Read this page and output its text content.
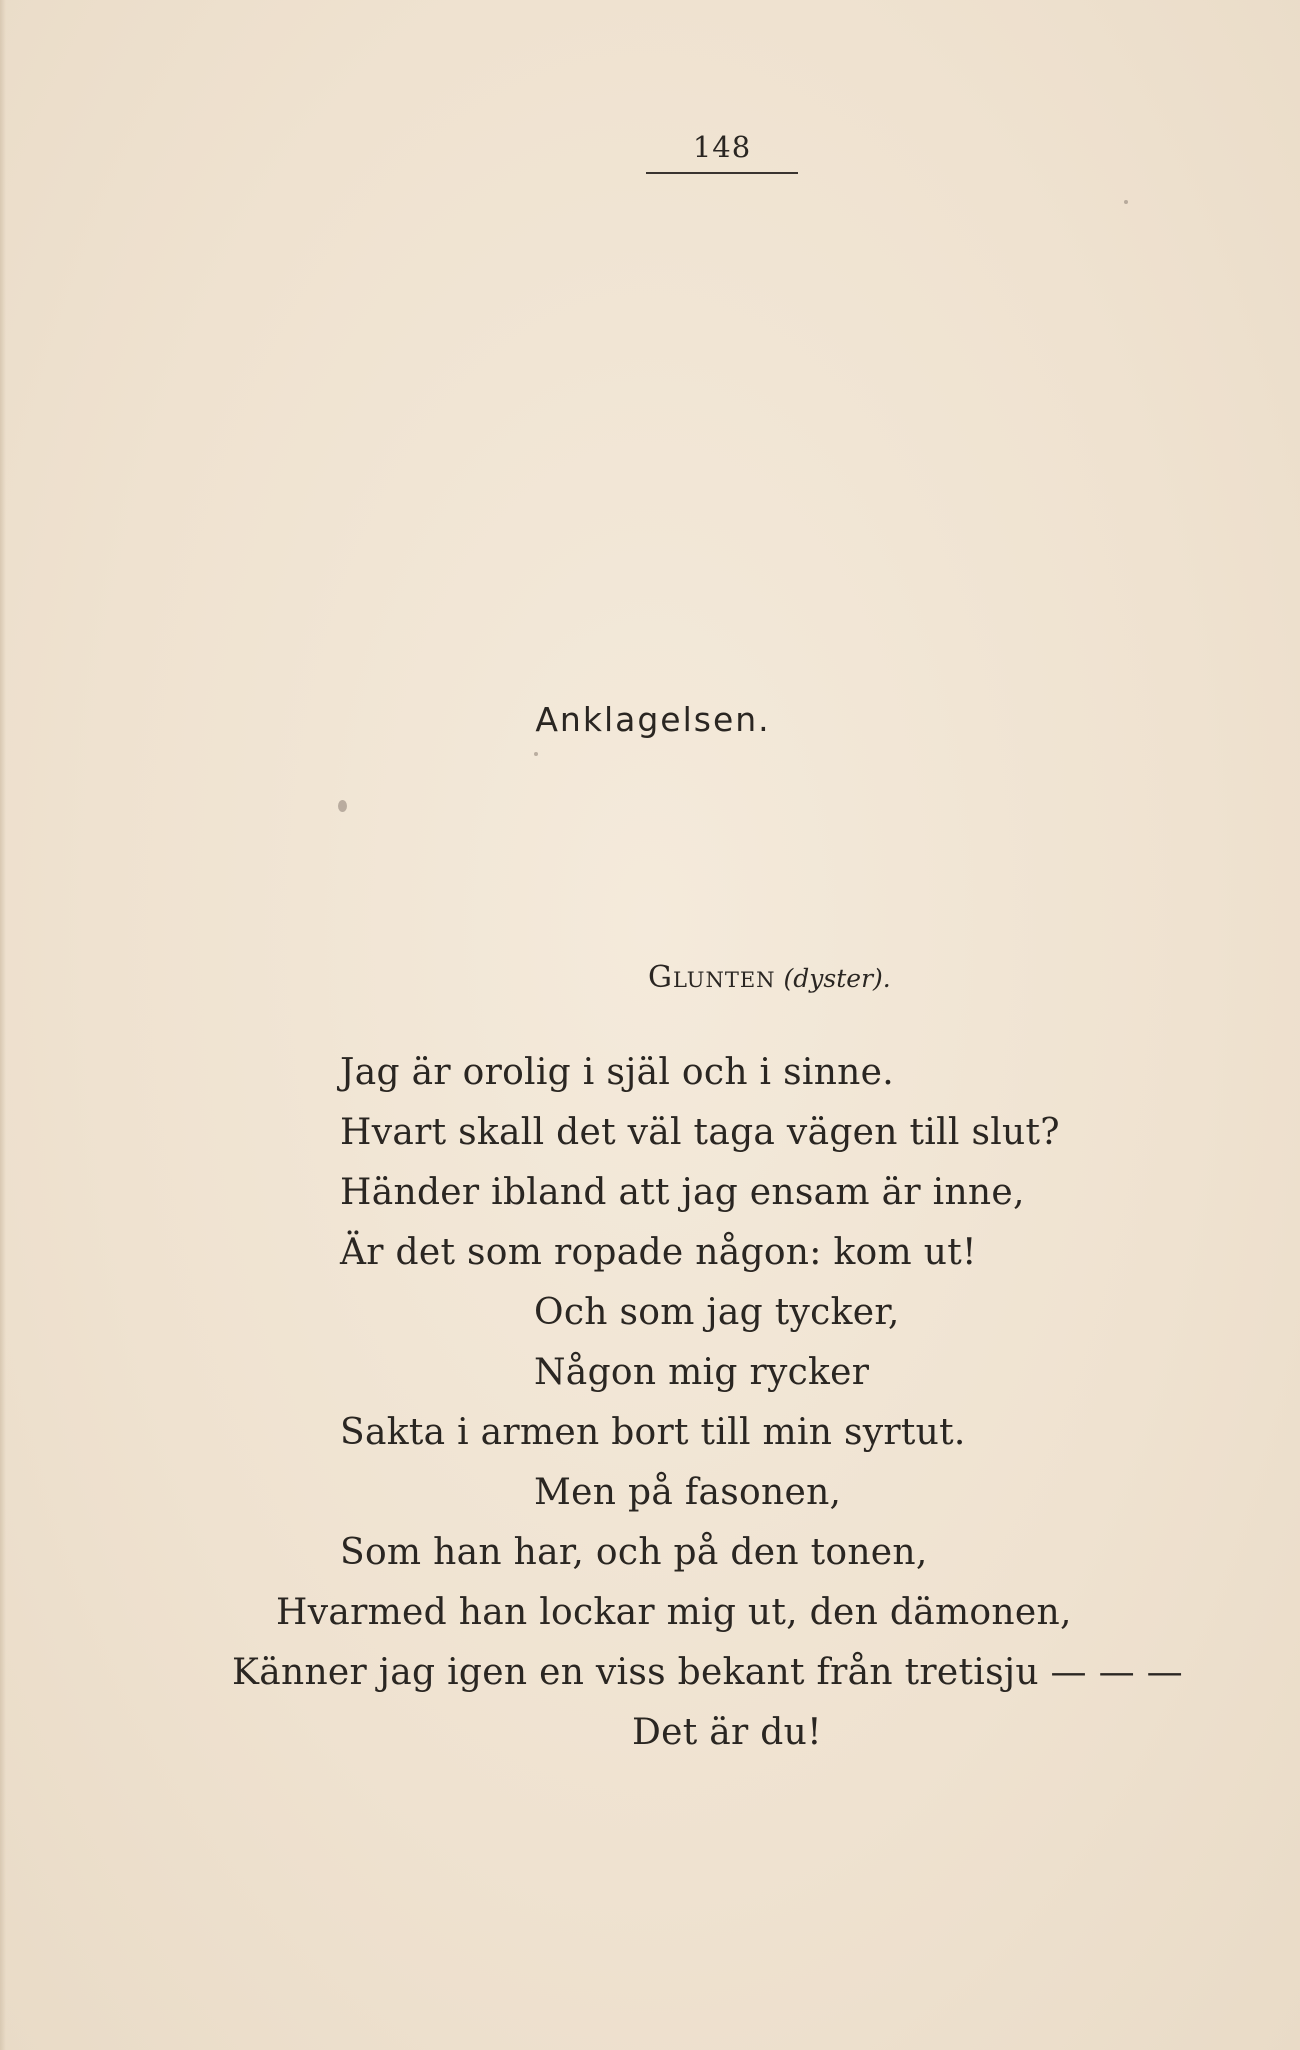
148
Anklagelsen.
Glunten (dyster).
Jag är orolig i själ och i sinne.
Hvart skall det väl taga vägen till slut?
Händer ibland att jag ensam är inne,
Är det som ropade någon: kom ut!
Och som jag tycker,
Någon mig rycker
Sakta i armen bort till min syrtut.
Men på fasonen,
Som han har, och på den tonen,
Hvarmed han lockar mig ut, den dämonen,
Känner jag igen en viss bekant från tretisju — — —
Det är du!
